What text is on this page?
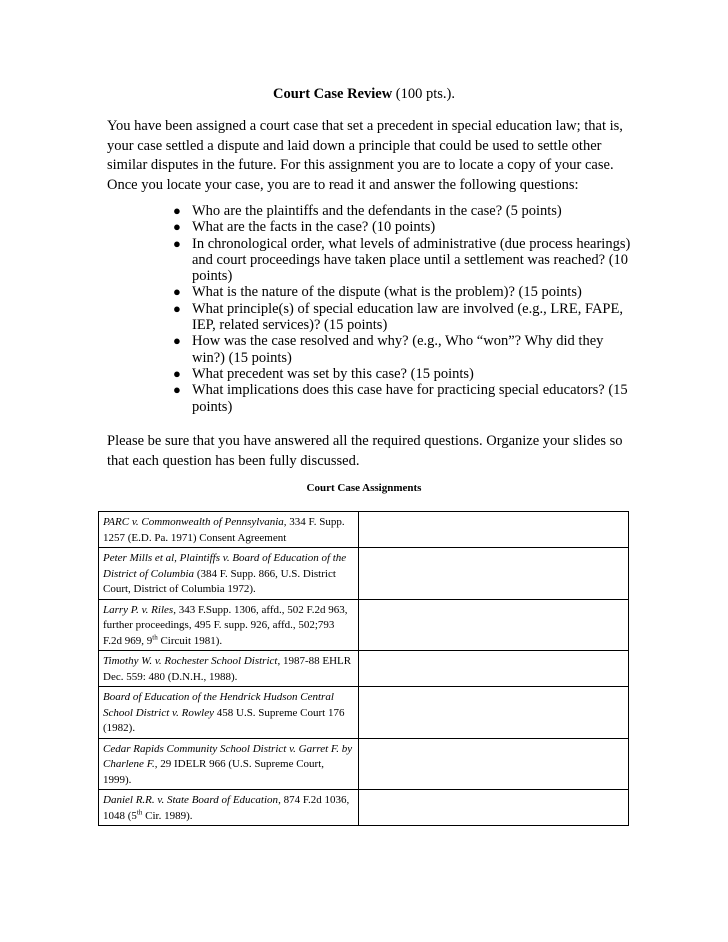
Court Case Review (100 pts.).

You have been assigned a court case that set a precedent in special education law; that is, your case settled a dispute and laid down a principle that could be used to settle other similar disputes in the future. For this assignment you are to locate a copy of your case. Once you locate your case, you are to read it and answer the following questions:

● Who are the plaintiffs and the defendants in the case? (5 points)
● What are the facts in the case? (10 points)
● In chronological order, what levels of administrative (due process hearings) and court proceedings have taken place until a settlement was reached? (10 points)
● What is the nature of the dispute (what is the problem)? (15 points)
● What principle(s) of special education law are involved (e.g., LRE, FAPE, IEP, related services)? (15 points)
● How was the case resolved and why? (e.g., Who “won”? Why did they win?) (15 points)
● What precedent was set by this case? (15 points)
● What implications does this case have for practicing special educators? (15 points)

Please be sure that you have answered all the required questions. Organize your slides so that each question has been fully discussed.

Court Case Assignments
PARC v. Commonwealth of Pennsylvania, 334 F. Supp. 1257 (E.D. Pa. 1971) Consent Agreement	
Peter Mills et al, Plaintiffs v. Board of Education of the District of Columbia (384 F. Supp. 866, U.S. District Court, District of Columbia 1972).	
Larry P. v. Riles, 343 F.Supp. 1306, affd., 502 F.2d 963, further proceedings, 495 F. supp. 926, affd., 502;793 F.2d 969, 9th Circuit 1981).	
Timothy W. v. Rochester School District, 1987-88 EHLR Dec. 559: 480 (D.N.H., 1988).	
Board of Education of the Hendrick Hudson Central School District v. Rowley 458 U.S. Supreme Court 176 (1982).	
Cedar Rapids Community School District v. Garret F. by Charlene F., 29 IDELR 966 (U.S. Supreme Court, 1999).	
Daniel R.R. v. State Board of Education, 874 F.2d 1036, 1048 (5th Cir. 1989).	
